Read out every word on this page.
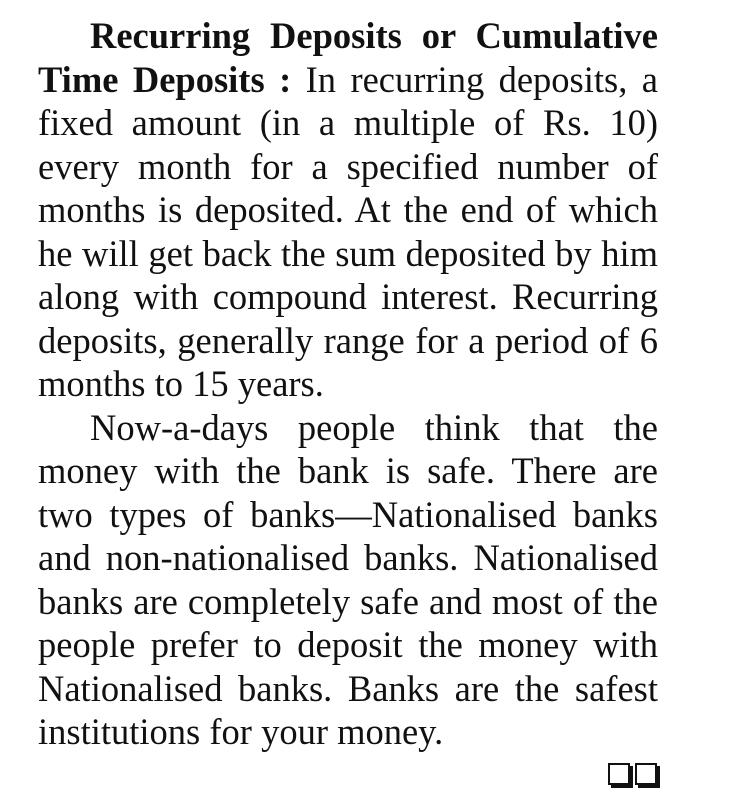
Recurring Deposits or Cumulative Time Deposits : In recurring deposits, a fixed amount (in a multiple of Rs. 10) every month for a specified number of months is deposited. At the end of which he will get back the sum deposited by him along with compound interest. Recurring deposits, generally range for a period of 6 months to 15 years.

Now-a-days people think that the money with the bank is safe. There are two types of banks—Nationalised banks and non-nationalised banks. Nationalised banks are completely safe and most of the people prefer to deposit the money with Nationalised banks. Banks are the safest institutions for your money.
